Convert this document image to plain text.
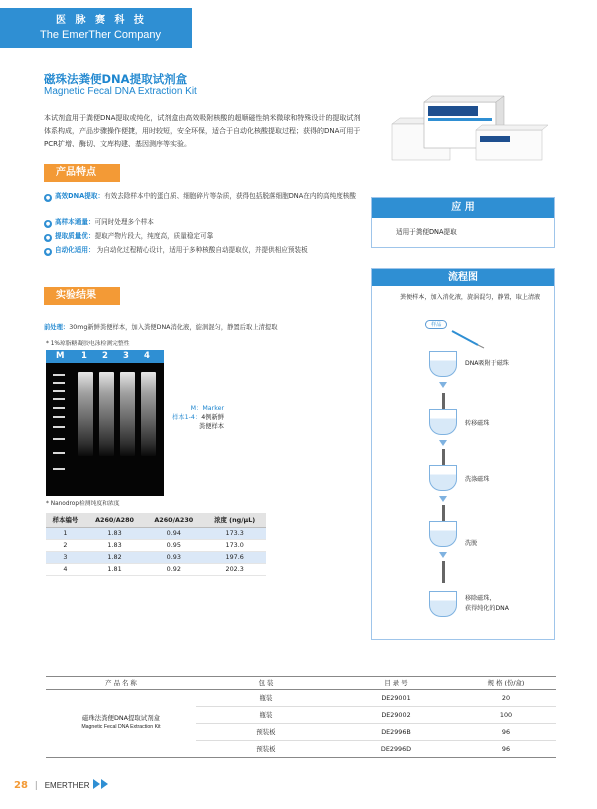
医 脉 赛 科 技
The EmerTher Company
磁珠法粪便DNA提取试剂盒
Magnetic Fecal DNA Extraction Kit
本试剂盒用于粪便DNA提取或纯化，试剂盒由高效吸附核酸的超顺磁性纳米微球和特殊设计的提取试剂体系构成，产品步骤操作便捷，用时较短，安全环保，适合于自动化核酸提取过程；获得的DNA可用于PCR扩增、酶切、文库构建、基因测序等实验。
产品特点
● 高效DNA提取：有效去除样本中的蛋白质、细胞碎片等杂质，获得包括脱落细胞DNA在内的高纯度核酸
● 高样本通量：可同时处理多个样本
● 提取质量优：提取产物片段大，纯度高，质量稳定可靠
● 自动化适用： 为自动化过程精心设计，适用于多种核酸自动提取仪，并提供相应预装板
实验结果
前处理：30mg新鲜粪便样本，加入粪便DNA消化液，旋涡混匀，静置后取上清提取
* 1%琼脂糖凝胶电泳检测完整性
M 1 2 3 4
M：Marker
样本1-4：4例新鲜
粪便样本
* Nanodrop检测纯度和浓度
样本编号	A260/A280	A260/A230	浓度 (ng/μL)
1	1.83	0.94	173.3
2	1.83	0.95	173.0
3	1.82	0.93	197.6
4	1.81	0.92	202.3
应 用
适用于粪便DNA提取
流程图
粪便样本，加入消化液，旋涡混匀，静置，取上清液
样品
DNA吸附于磁珠
转移磁珠
洗涤磁珠
洗脱
移除磁珠，
获得纯化的DNA
产 品 名 称	包 装	目 录 号	规 格 (份/盒)

磁珠法粪便DNA提取试剂盒
Magnetic Fecal DNA Extraction Kit	瓶装	DE29001	20
	瓶装	DE29002	100
	预装板	DE2996B	96
	预装板	DE2996D	96
28 | EMERTHER
